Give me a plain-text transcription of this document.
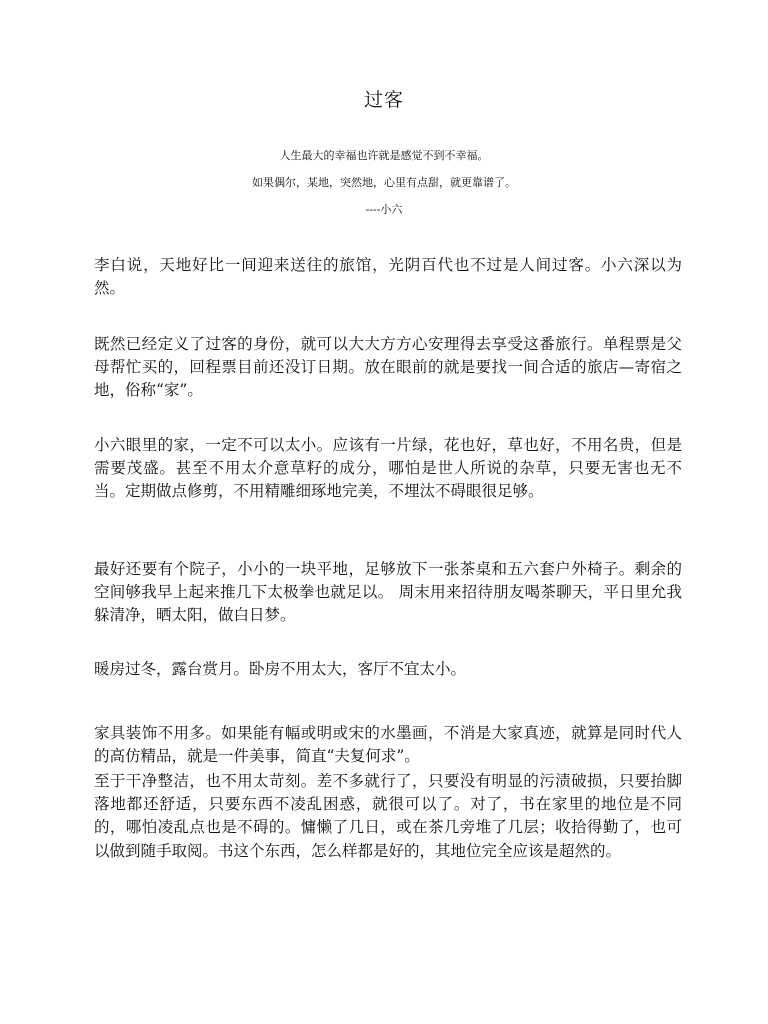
过客
人生最大的幸福也许就是感觉不到不幸福。
如果偶尔，某地，突然地，心里有点甜，就更靠谱了。
----小六

李白说，天地好比一间迎来送往的旅馆，光阴百代也不过是人间过客。小六深以为然。

既然已经定义了过客的身份，就可以大大方方心安理得去享受这番旅行。单程票是父母帮忙买的，回程票目前还没订日期。放在眼前的就是要找一间合适的旅店—寄宿之地，俗称“家”。

小六眼里的家，一定不可以太小。应该有一片绿，花也好，草也好，不用名贵，但是需要茂盛。甚至不用太介意草籽的成分，哪怕是世人所说的杂草，只要无害也无不当。定期做点修剪，不用精雕细琢地完美，不埋汰不碍眼很足够。

最好还要有个院子，小小的一块平地，足够放下一张茶桌和五六套户外椅子。剩余的空间够我早上起来推几下太极拳也就足以。 周末用来招待朋友喝茶聊天，平日里允我躲清净，晒太阳，做白日梦。

暖房过冬，露台赏月。卧房不用太大，客厅不宜太小。

家具装饰不用多。如果能有幅或明或宋的水墨画，不消是大家真迹，就算是同时代人的高仿精品，就是一件美事，简直“夫复何求”。

至于干净整洁，也不用太苛刻。差不多就行了，只要没有明显的污渍破损，只要抬脚落地都还舒适，只要东西不凌乱困惑，就很可以了。对了，书在家里的地位是不同的，哪怕凌乱点也是不碍的。慵懒了几日，或在茶几旁堆了几层；收拾得勤了，也可以做到随手取阅。书这个东西，怎么样都是好的，其地位完全应该是超然的。
